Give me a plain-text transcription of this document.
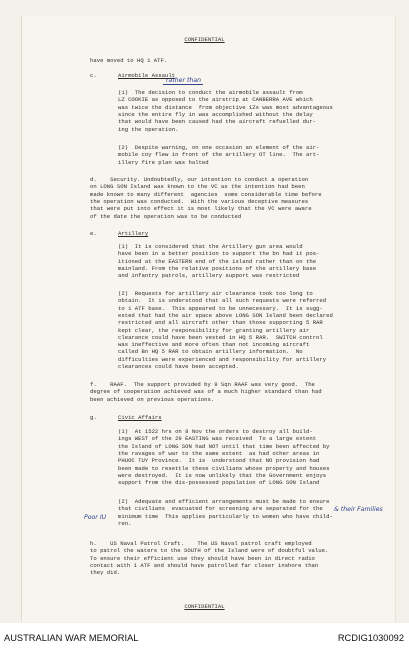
CONFIDENTIAL
have moved to HQ 1 ATF.
c.	Airmobile Assault
(1)  The decision to conduct the airmobile assault from
LZ COOKIE as opposed to the airstrip at CANBERRA AVE which
was twice the distance  from objective 1Zs was most advantageous
since the entire fly in was accomplished without the delay
that would have been caused had the aircraft refuelled dur-
ing the operation.
(2)  Despite warning, on one occasion an element of the air-
mobile coy flew in front of the artillery OT line.  The art-
illery fire plan was halted
d.    Security. Undoubtedly, our intention to conduct a operation
on LONG SON Island was known to the VC as the intention had been
made known to many different  agencies  some considerable time before
the operation was conducted.  With the various deceptive measures
that were put into effect it is most likely that the VC were aware
of the date the operation was to be conducted
e.	Artillery
(1)  It is considered that the Artillery gun area would
have been in a better position to support the bn had it pos-
itioned at the EASTERN end of the island rather than on the
mainland. From the relative positions of the artillery base
and infantry patrols, artillery support was restricted
(2)  Requests for artillery air clearance took too long to
obtain.  It is understood that all such requests were referred
to 1 ATF base.  This appeared to be unnecessary.  It is sugg-
ested that had the air space above LONG SON Island been declared
restricted and all aircraft other than those supporting 5 RAR
kept clear, the responsibility for granting artillery air
clearance could have been vested in HQ 5 RAR.  SWITCH control
was ineffective and more often than not incoming aircraft
called Bn HQ 5 RAR to obtain artillery information.  No
difficulties were experienced and responsibility for artillery
clearances could have been accepted.
f.    RAAF.  The support provided by 9 Sqn RAAF was very good.  The
degree of cooperation achieved was of a much higher standard than had
been achieved on previous operations.
g.	Civic Affairs
(1)  At 1522 hrs on 8 Nov the orders to destroy all build-
ings WEST of the 29 EASTING was received  To a large extent
the Island of LONG SON had NOT until that time been affected by
the ravages of war to the same extent  as had other areas in
PHUOC TUY Province.  It is  understood that NO provision had
been made to resettle these civilians whose property and houses
were destroyed.  It is now unlikely that the Government enjoys
support from the dis-possessed population of LONG SON Island
(2)  Adequate and efficient arrangements must be made to ensure
that civilians  evacuated for screening are separated for the
minimum time  This applies particularly to women who have child-
ren.
h.    US Naval Patrol Craft.    The US Naval patrol craft employed
to patrol the waters to the SOUTH of the Island were of doubtful value.
To ensure their efficient use they should have been in direct radio
contact with 1 ATF and should have patrolled far closer inshore than
they did.
CONFIDENTIAL
rather than
Poor IU
& their Families
AUSTRALIAN WAR MEMORIAL	RCDIG1030092
